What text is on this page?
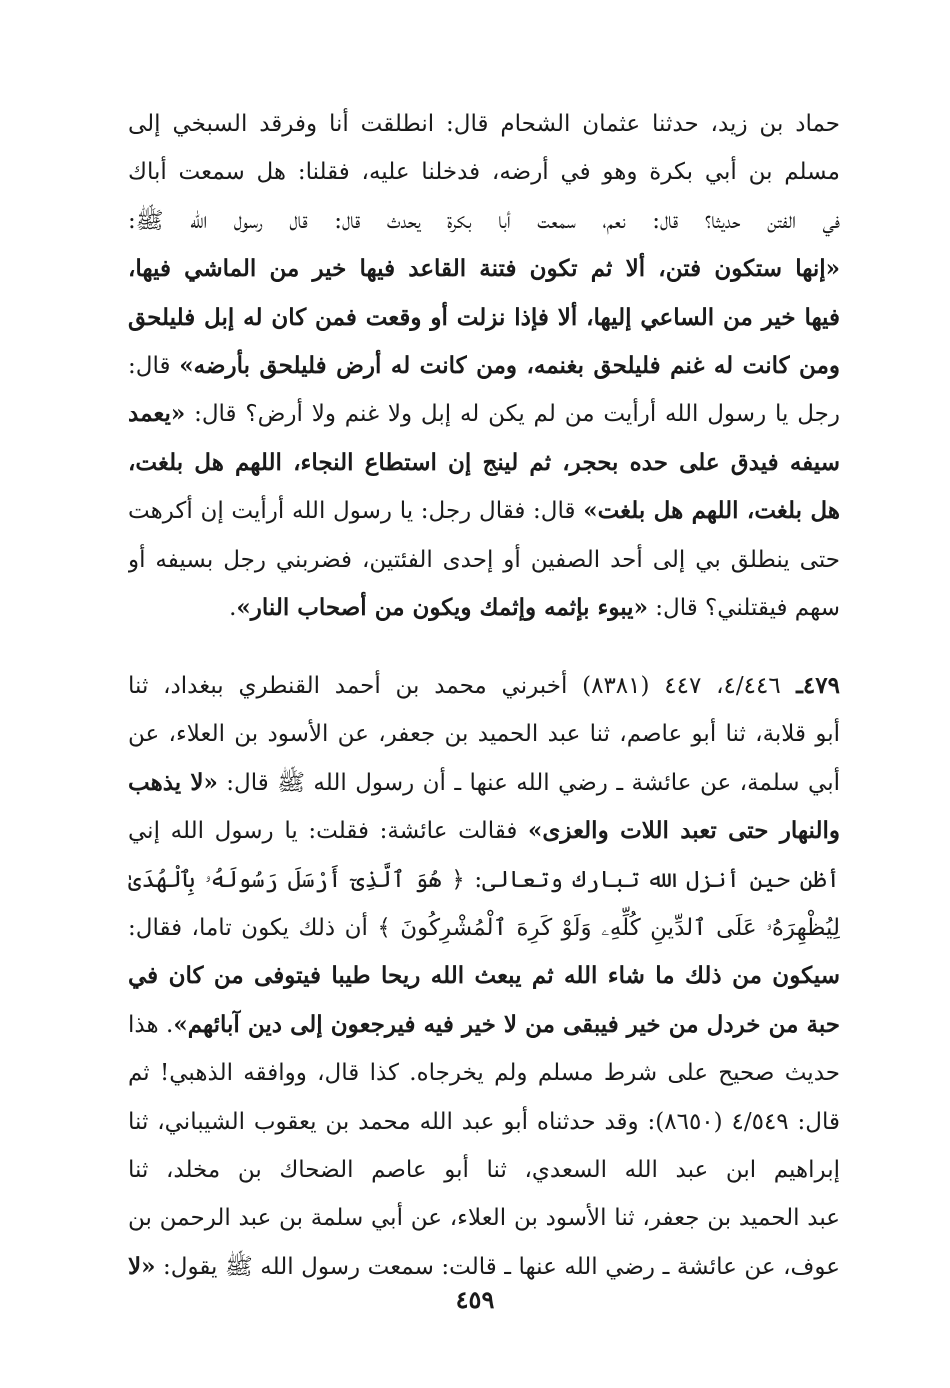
حماد بن زيد، حدثنا عثمان الشحام قال: انطلقت أنا وفرقد السبخي إلى
مسلم بن أبي بكرة وهو في أرضه، فدخلنا عليه، فقلنا: هل سمعت أباك
في الفتن حديثا؟ قال: نعم، سمعت أبا بكرة يحدث قال: قال رسول الله ﷺ:
«إنها ستكون فتن، ألا ثم تكون فتنة القاعد فيها خير من الماشي فيها،
فيها خير من الساعي إليها، ألا فإذا نزلت أو وقعت فمن كان له إبل فليلحق
ومن كانت له غنم فليلحق بغنمه، ومن كانت له أرض فليلحق بأرضه» قال:
رجل يا رسول الله أرأيت من لم يكن له إبل ولا غنم ولا أرض؟ قال: «يعمد
سيفه فيدق على حده بحجر، ثم لينج إن استطاع النجاء، اللهم هل بلغت،
هل بلغت، اللهم هل بلغت» قال: فقال رجل: يا رسول الله أرأيت إن أكرهت
حتى ينطلق بي إلى أحد الصفين أو إحدى الفئتين، فضربني رجل بسيفه أو
سهم فيقتلني؟ قال: «يبوء بإثمه وإثمك ويكون من أصحاب النار».
٤٧٩ـ ٤/٤٤٦، ٤٤٧ (٨٣٨١) أخبرني محمد بن أحمد القنطري ببغداد، ثنا
أبو قلابة، ثنا أبو عاصم، ثنا عبد الحميد بن جعفر، عن الأسود بن العلاء، عن
أبي سلمة، عن عائشة ـ رضي الله عنها ـ أن رسول الله ﷺ قال: «لا يذهب
والنهار حتى تعبد اللات والعزى» فقالت عائشة: فقلت: يا رسول الله إني
أظن حين أنزل الله تبارك وتعالى: ﴿ هُوَ ٱلَّذِىٓ أَرْسَلَ رَسُولَهُۥ بِٱلْهُدَىٰ
لِيُظْهِرَهُۥ عَلَى ٱلدِّينِ كُلِّهِۦ وَلَوْ كَرِهَ ٱلْمُشْرِكُونَ ﴾ أن ذلك يكون تاما، فقال:
سيكون من ذلك ما شاء الله ثم يبعث الله ريحا طيبا فيتوفى من كان في
حبة من خردل من خير فيبقى من لا خير فيه فيرجعون إلى دين آبائهم». هذا
حديث صحيح على شرط مسلم ولم يخرجاه. كذا قال، ووافقه الذهبي! ثم
قال: ٤/٥٤٩ (٨٦٥٠): وقد حدثناه أبو عبد الله محمد بن يعقوب الشيباني، ثنا
إبراهيم ابن عبد الله السعدي، ثنا أبو عاصم الضحاك بن مخلد، ثنا
عبد الحميد بن جعفر، ثنا الأسود بن العلاء، عن أبي سلمة بن عبد الرحمن بن
عوف، عن عائشة ـ رضي الله عنها ـ قالت: سمعت رسول الله ﷺ يقول: «لا
٤٥٩
